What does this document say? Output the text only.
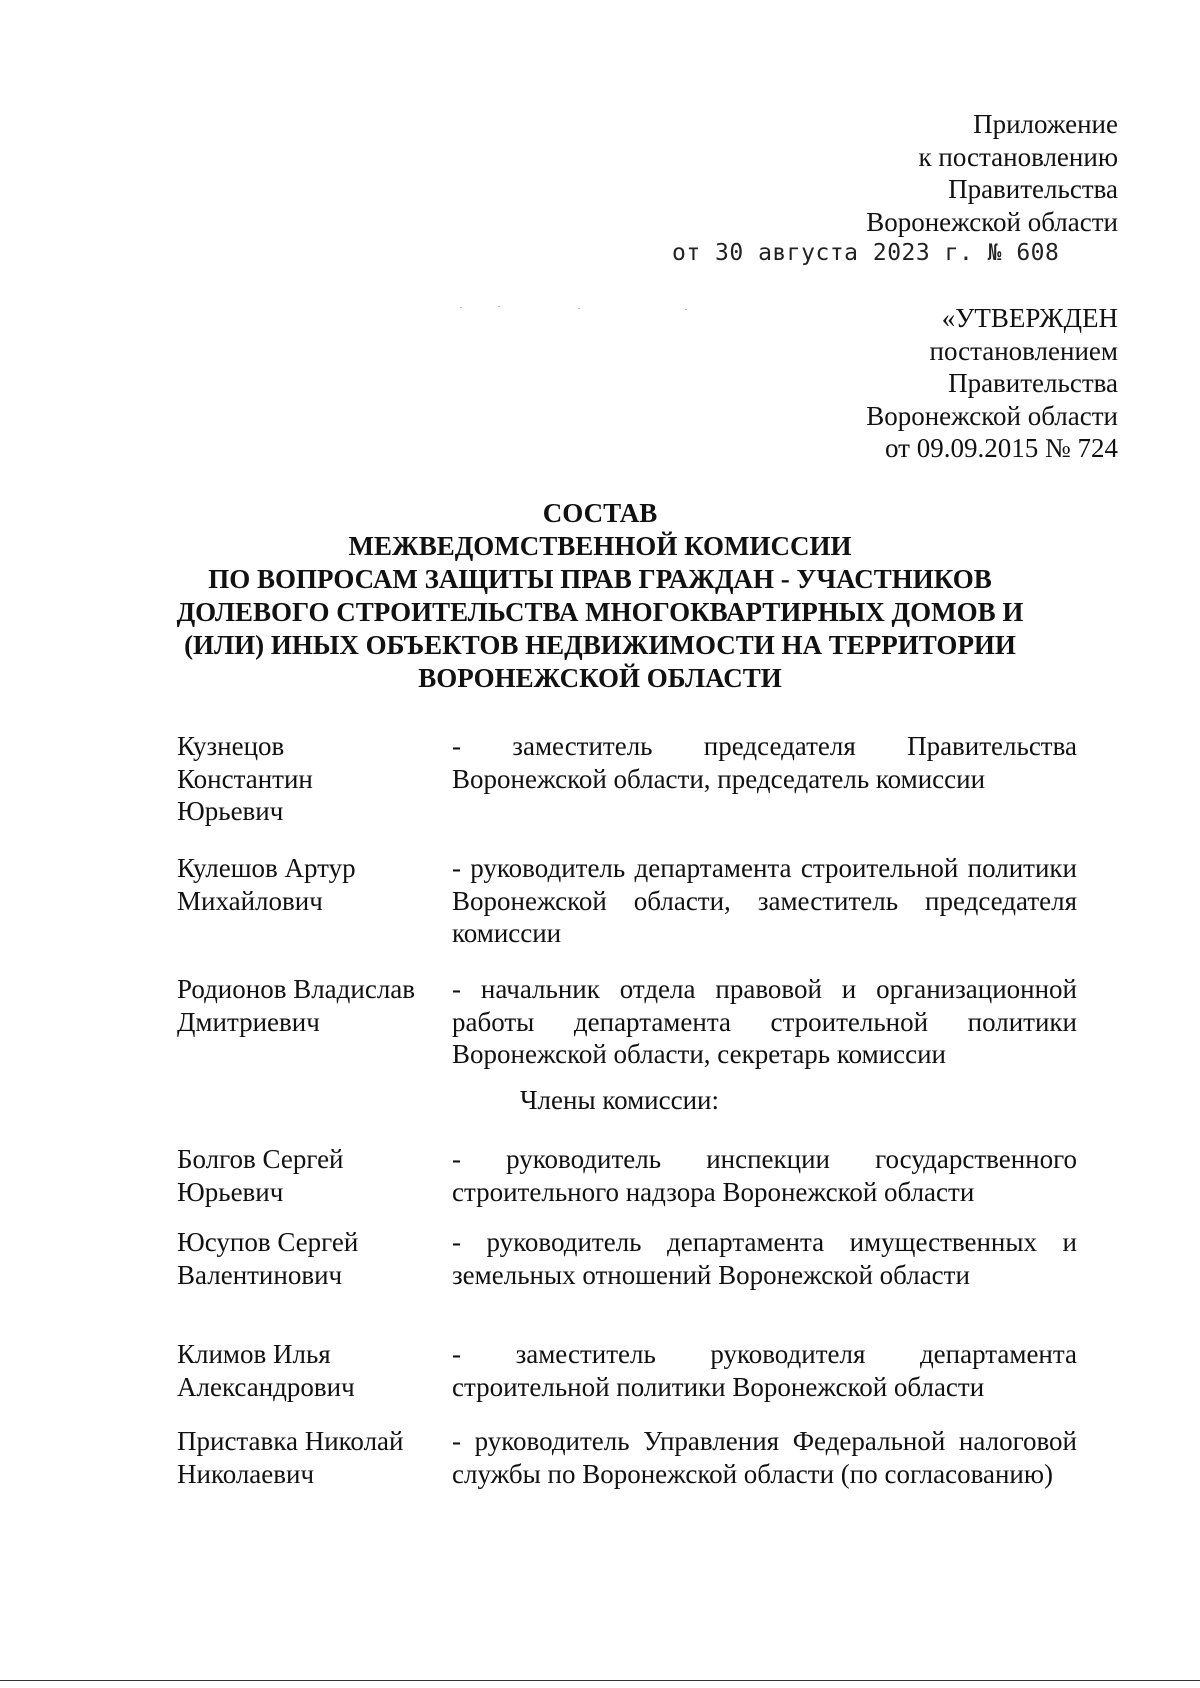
Приложение
к постановлению
Правительства
Воронежской области
от 30 августа 2023 г. № 608
«УТВЕРЖДЕН
постановлением
Правительства
Воронежской области
от 09.09.2015 № 724
СОСТАВ
МЕЖВЕДОМСТВЕННОЙ КОМИССИИ
ПО ВОПРОСАМ ЗАЩИТЫ ПРАВ ГРАЖДАН - УЧАСТНИКОВ
ДОЛЕВОГО СТРОИТЕЛЬСТВА МНОГОКВАРТИРНЫХ ДОМОВ И
(ИЛИ) ИНЫХ ОБЪЕКТОВ НЕДВИЖИМОСТИ НА ТЕРРИТОРИИ
ВОРОНЕЖСКОЙ ОБЛАСТИ
Кузнецов
Константин
Юрьевич
- заместитель председателя Правительства Воронежской области, председатель комиссии
Кулешов Артур
Михайлович
- руководитель департамента строительной политики Воронежской области, заместитель председателя комиссии
Родионов Владислав
Дмитриевич
- начальник отдела правовой и организационной работы департамента строительной политики Воронежской области, секретарь комиссии
Болгов Сергей
Юрьевич
- руководитель инспекции государственного строительного надзора Воронежской области
Юсупов Сергей
Валентинович
- руководитель департамента имущественных и земельных отношений Воронежской области
Климов Илья
Александрович
- заместитель руководителя департамента строительной политики Воронежской области
Приставка Николай
Николаевич
- руководитель Управления Федеральной налоговой службы по Воронежской области (по согласованию)
Члены комиссии:
